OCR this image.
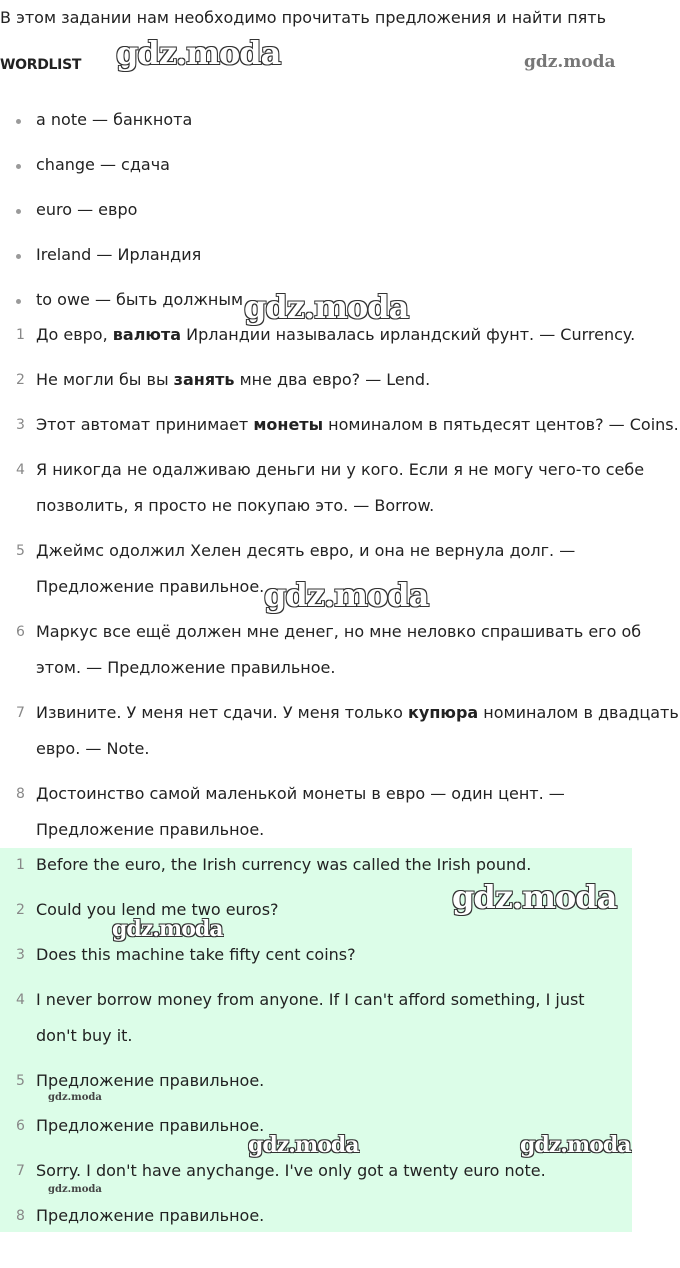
В этом задании нам необходимо прочитать предложения и найти пять
WORDLIST
a note — банкнота
change — сдача
euro — евро
Ireland — Ирландия
to owe — быть должным
1 До евро, валюта Ирландии называлась ирландский фунт. — Currency.
2 Не могли бы вы занять мне два евро? — Lend.
3 Этот автомат принимает монеты номиналом в пятьдесят центов? — Coins.
4 Я никогда не одалживаю деньги ни у кого. Если я не могу чего-то себе
позволить, я просто не покупаю это. — Borrow.
5 Джеймс одолжил Хелен десять евро, и она не вернула долг. —
Предложение правильное.
6 Маркус все ещё должен мне денег, но мне неловко спрашивать его об
этом. — Предложение правильное.
7 Извините. У меня нет сдачи. У меня только купюра номиналом в двадцать
евро. — Note.
8 Достоинство самой маленькой монеты в евро — один цент. —
Предложение правильное.
1 Before the euro, the Irish currency was called the Irish pound.
2 Could you lend me two euros?
3 Does this machine take fifty cent coins?
4 I never borrow money from anyone. If I can't afford something, I just
don't buy it.
5 Предложение правильное.
6 Предложение правильное.
7 Sorry. I don't have anychange. I've only got a twenty euro note.
8 Предложение правильное.
gdz.moda	gdz.moda
gdz.moda
gdz.moda
gdz.moda
gdz.moda
gdz.moda
gdz.moda	gdz.moda
gdz.moda
